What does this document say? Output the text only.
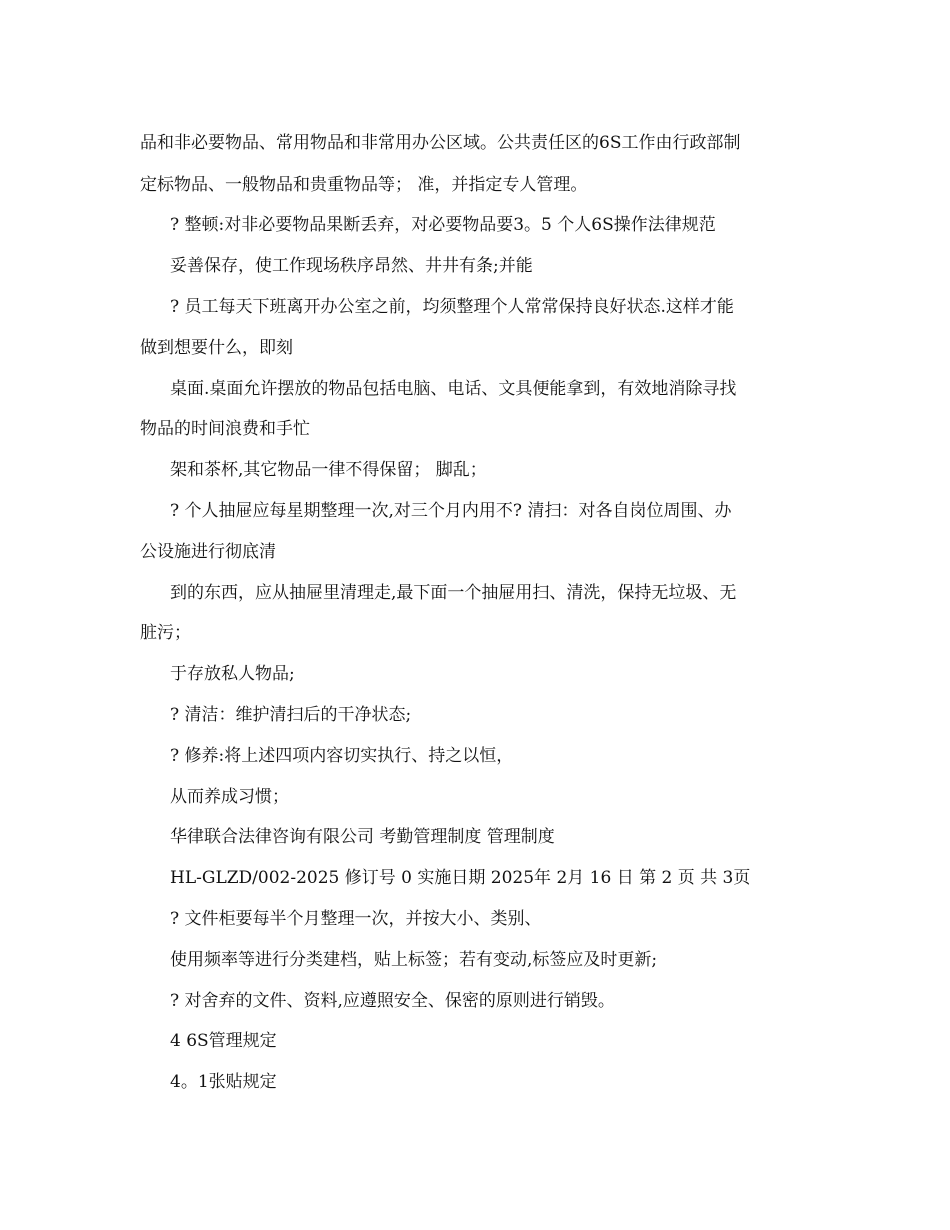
品和非必要物品、常用物品和非常用办公区域。公共责任区的6S工作由行政部制
定标物品、一般物品和贵重物品等； 准，并指定专人管理。
? 整顿:对非必要物品果断丢弃，对必要物品要3。5 个人6S操作法律规范
妥善保存，使工作现场秩序昂然、井井有条;并能
? 员工每天下班离开办公室之前，均须整理个人常常保持良好状态.这样才能
做到想要什么，即刻
桌面.桌面允许摆放的物品包括电脑、电话、文具便能拿到，有效地消除寻找
物品的时间浪费和手忙
架和茶杯,其它物品一律不得保留； 脚乱；
? 个人抽屉应每星期整理一次,对三个月内用不? 清扫：对各自岗位周围、办
公设施进行彻底清
到的东西，应从抽屉里清理走,最下面一个抽屉用扫、清洗，保持无垃圾、无
脏污；
于存放私人物品;
? 清洁：维护清扫后的干净状态;
? 修养:将上述四项内容切实执行、持之以恒，
从而养成习惯；
华律联合法律咨询有限公司 考勤管理制度 管理制度
HL-GLZD/002-2025 修订号 0 实施日期 2025年 2月 16 日 第 2 页 共 3页
? 文件柜要每半个月整理一次，并按大小、类别、
使用频率等进行分类建档，贴上标签；若有变动,标签应及时更新;
? 对舍弃的文件、资料,应遵照安全、保密的原则进行销毁。
4 6S管理规定
4。1张贴规定
